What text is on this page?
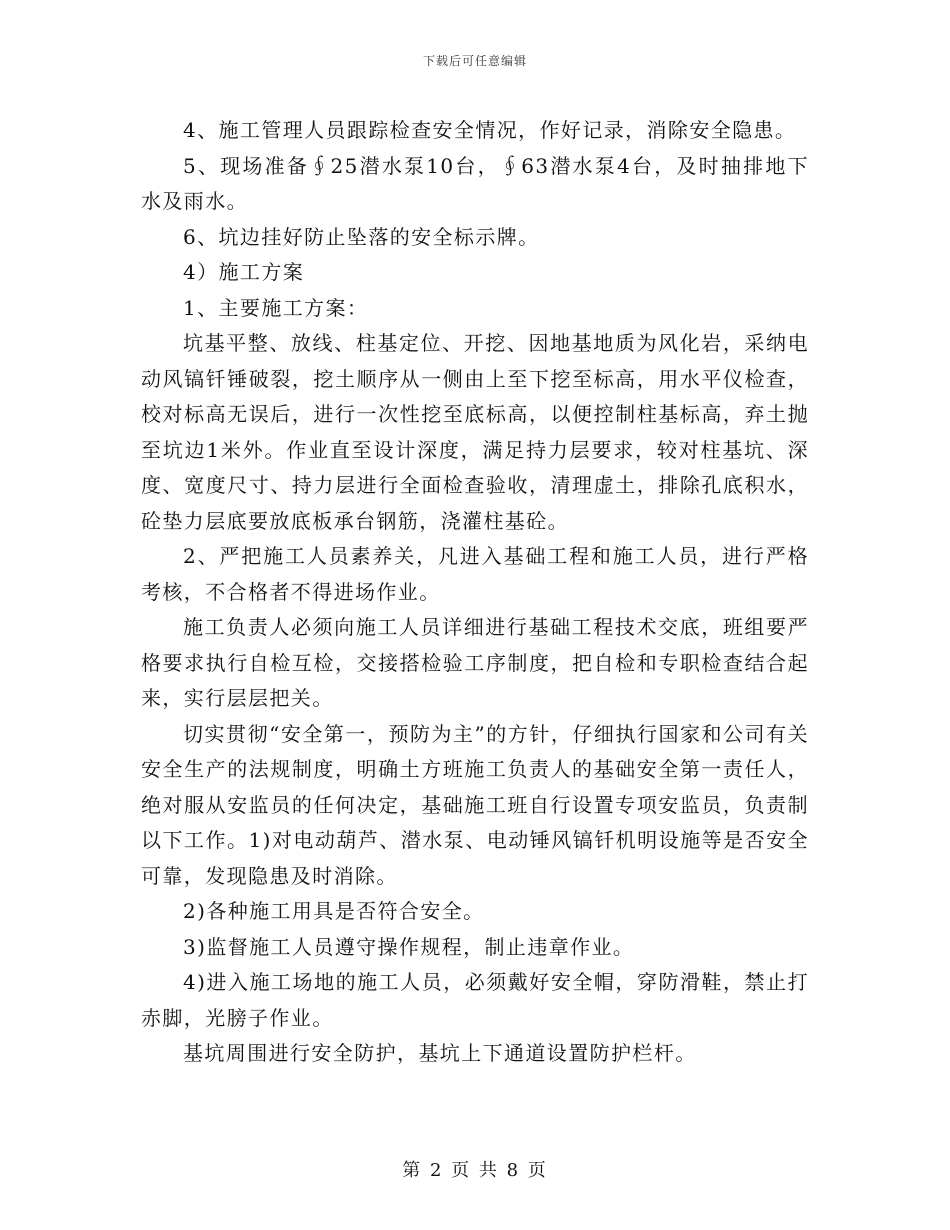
下载后可任意编辑

4、施工管理人员跟踪检查安全情况，作好记录，消除安全隐患。

5、现场准备∮25潜水泵10台，∮63潜水泵4台，及时抽排地下水及雨水。

6、坑边挂好防止坠落的安全标示牌。

4）施工方案

1、主要施工方案：

坑基平整、放线、柱基定位、开挖、因地基地质为风化岩，采纳电动风镐钎锤破裂，挖土顺序从一侧由上至下挖至标高，用水平仪检查，校对标高无误后，进行一次性挖至底标高，以便控制柱基标高，弃土抛至坑边1米外。作业直至设计深度，满足持力层要求，较对柱基坑、深度、宽度尺寸、持力层进行全面检查验收，清理虚土，排除孔底积水，砼垫力层底要放底板承台钢筋，浇灌柱基砼。

2、严把施工人员素养关，凡进入基础工程和施工人员，进行严格考核，不合格者不得进场作业。

施工负责人必须向施工人员详细进行基础工程技术交底，班组要严格要求执行自检互检，交接搭检验工序制度，把自检和专职检查结合起来，实行层层把关。

切实贯彻“安全第一，预防为主”的方针，仔细执行国家和公司有关安全生产的法规制度，明确土方班施工负责人的基础安全第一责任人，绝对服从安监员的任何决定，基础施工班自行设置专项安监员，负责制以下工作。1)对电动葫芦、潜水泵、电动锤风镐钎机明设施等是否安全可靠，发现隐患及时消除。

2)各种施工用具是否符合安全。

3)监督施工人员遵守操作规程，制止违章作业。

4)进入施工场地的施工人员，必须戴好安全帽，穿防滑鞋，禁止打赤脚，光膀子作业。

基坑周围进行安全防护，基坑上下通道设置防护栏杆。

第 2 页 共 8 页
